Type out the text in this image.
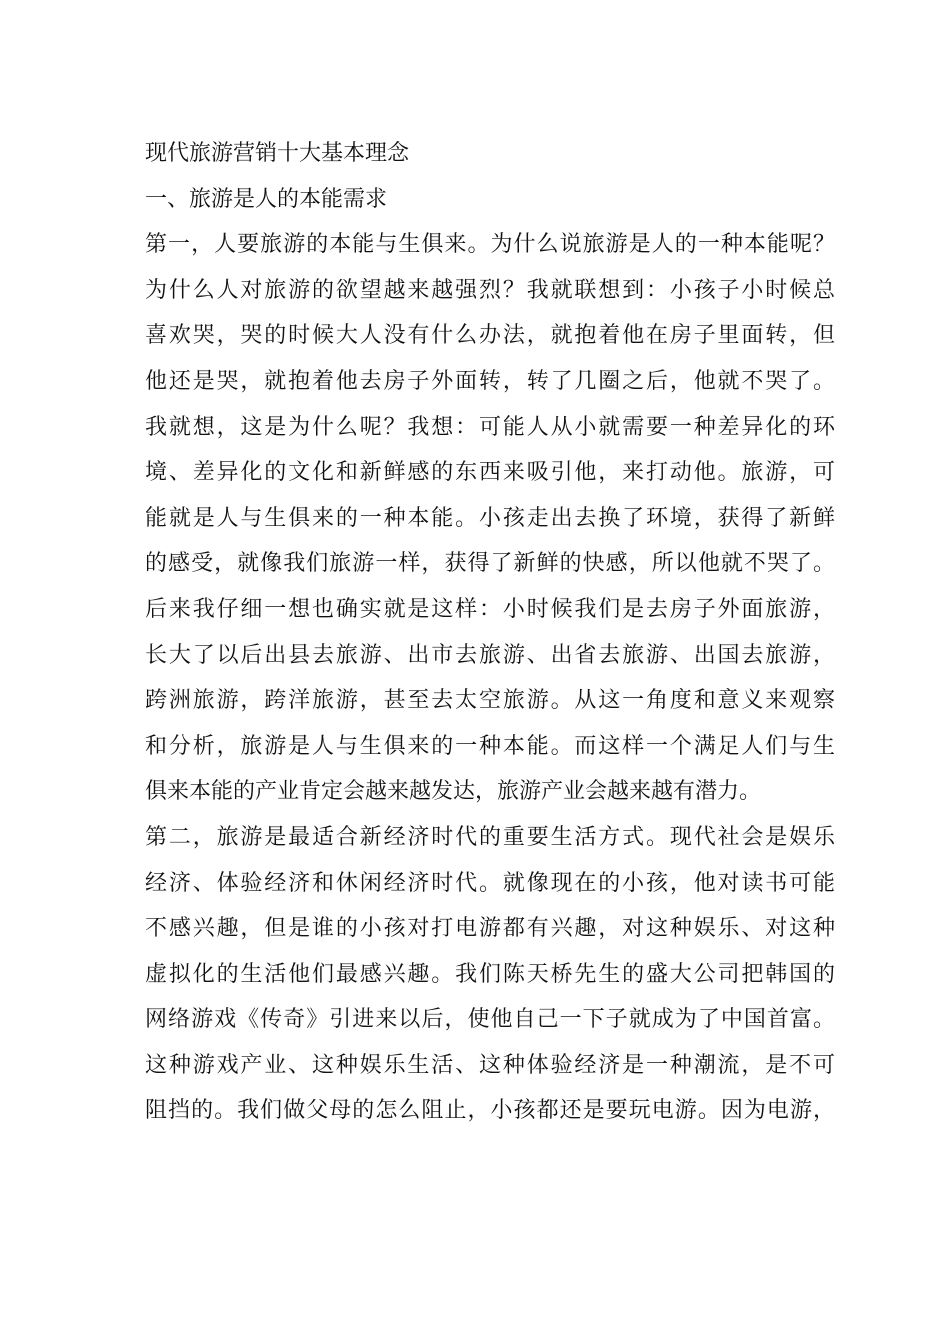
现代旅游营销十大基本理念
一、旅游是人的本能需求
第一，人要旅游的本能与生俱来。为什么说旅游是人的一种本能呢？
为什么人对旅游的欲望越来越强烈？我就联想到：小孩子小时候总
喜欢哭，哭的时候大人没有什么办法，就抱着他在房子里面转，但
他还是哭，就抱着他去房子外面转，转了几圈之后，他就不哭了。
我就想，这是为什么呢？我想：可能人从小就需要一种差异化的环
境、差异化的文化和新鲜感的东西来吸引他，来打动他。旅游，可
能就是人与生俱来的一种本能。小孩走出去换了环境，获得了新鲜
的感受，就像我们旅游一样，获得了新鲜的快感，所以他就不哭了。
后来我仔细一想也确实就是这样：小时候我们是去房子外面旅游，
长大了以后出县去旅游、出市去旅游、出省去旅游、出国去旅游，
跨洲旅游，跨洋旅游，甚至去太空旅游。从这一角度和意义来观察
和分析，旅游是人与生俱来的一种本能。而这样一个满足人们与生
俱来本能的产业肯定会越来越发达，旅游产业会越来越有潜力。
第二，旅游是最适合新经济时代的重要生活方式。现代社会是娱乐
经济、体验经济和休闲经济时代。就像现在的小孩，他对读书可能
不感兴趣，但是谁的小孩对打电游都有兴趣，对这种娱乐、对这种
虚拟化的生活他们最感兴趣。我们陈天桥先生的盛大公司把韩国的
网络游戏《传奇》引进来以后，使他自己一下子就成为了中国首富。
这种游戏产业、这种娱乐生活、这种体验经济是一种潮流，是不可
阻挡的。我们做父母的怎么阻止，小孩都还是要玩电游。因为电游，
